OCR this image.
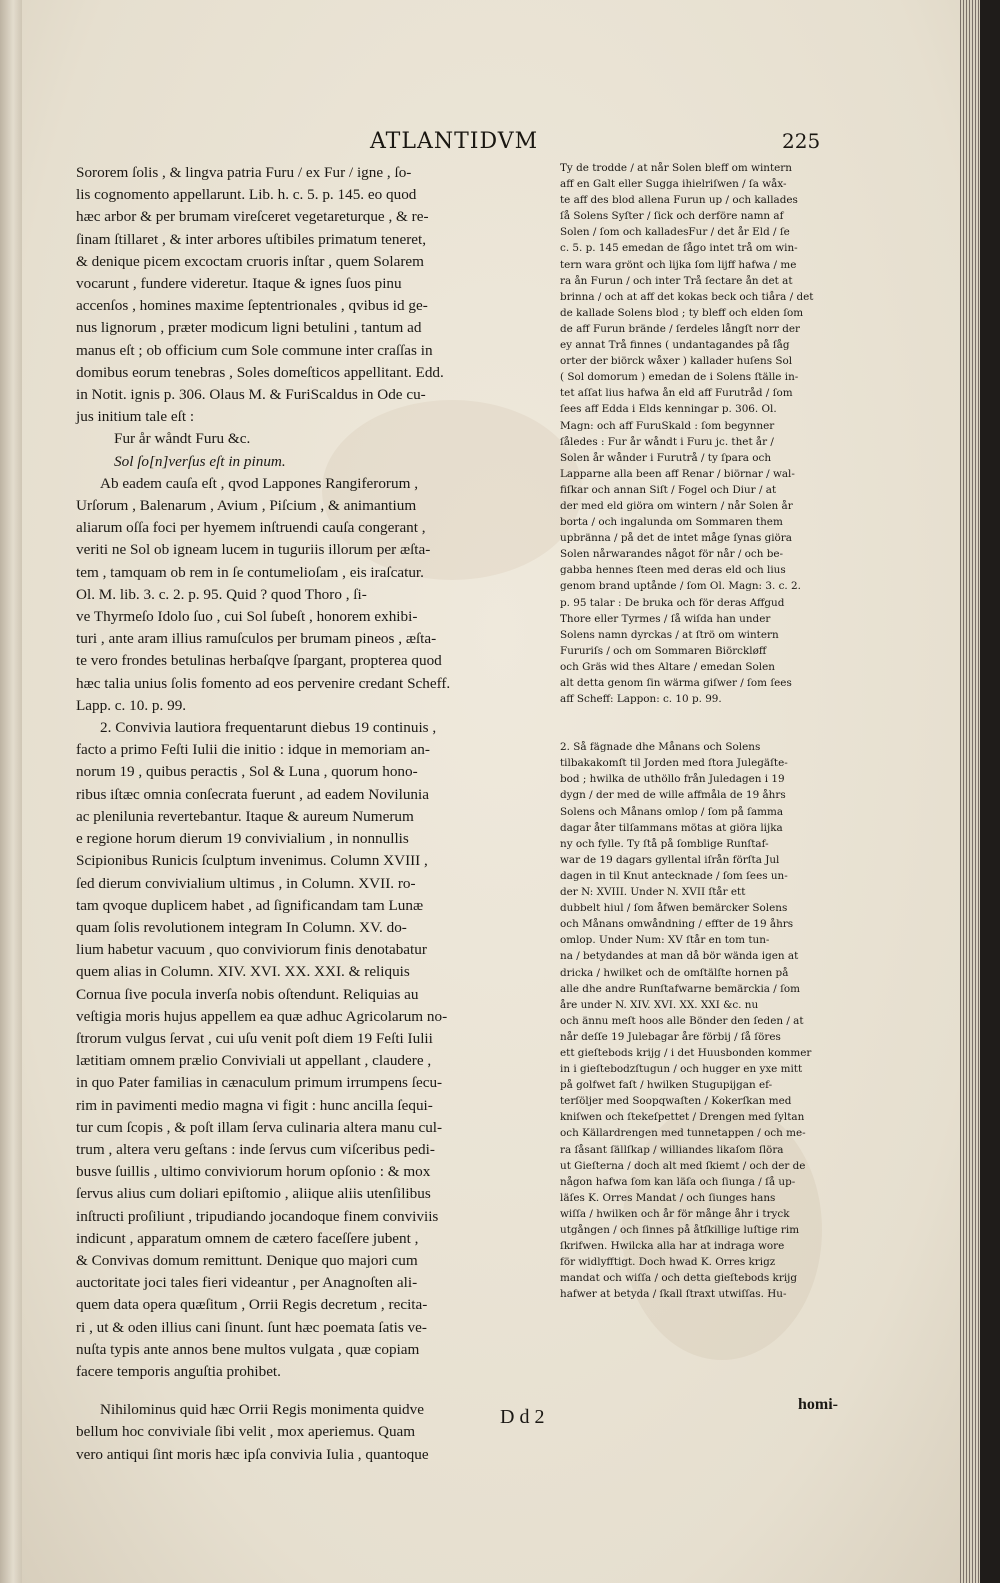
ATLANTIDVM	225

Sororem ſolis , & lingva patria Furu / ex Fur / igne , ſo-

lis cognomento appellarunt. Lib. h. c. 5. p. 145. eo quod

hæc arbor & per brumam vireſceret vegetareturque , & re-

ſinam ſtillaret , & inter arbores uſtibiles primatum teneret,

& denique picem excoctam cruoris inſtar , quem Solarem

vocarunt , fundere videretur. Itaque & ignes ſuos pinu

accenſos , homines maxime ſeptentrionales , qvibus id ge-

nus lignorum , præter modicum ligni betulini , tantum ad

manus eſt ; ob officium cum Sole commune inter craſſas in

domibus eorum tenebras , Soles domeſticos appellitant. Edd.

in Notit. ignis p. 306. Olaus M. & FuriScaldus in Ode cu-

jus initium tale eſt :

Fur år wåndt Furu &c.

Sol ſo[n]verſus eſt in pinum.

Ab eadem cauſa eſt , qvod Lappones Rangiferorum ,

Urſorum , Balenarum , Avium , Piſcium , & animantium

aliarum oſſa foci per hyemem inſtruendi cauſa congerant ,

veriti ne Sol ob igneam lucem in tuguriis illorum per æſta-

tem , tamquam ob rem in ſe contumelioſam , eis iraſcatur.

Ol. M. lib. 3. c. 2. p. 95. Quid ? quod Thoro , ſi-

ve Thyrmeſo Idolo ſuo , cui Sol ſubeſt , honorem exhibi-

turi , ante aram illius ramuſculos per brumam pineos , æſta-

te vero frondes betulinas herbaſqve ſpargant, propterea quod

hæc talia unius ſolis fomento ad eos pervenire credant Scheff.

Lapp. c. 10. p. 99.

2. Convivia lautiora frequentarunt diebus 19 continuis ,

facto a primo Feſti Iulii die initio : idque in memoriam an-

norum 19 , quibus peractis , Sol & Luna , quorum hono-

ribus iſtæc omnia conſecrata fuerunt , ad eadem Novilunia

ac plenilunia revertebantur. Itaque & aureum Numerum

e regione horum dierum 19 convivialium , in nonnullis

Scipionibus Runicis ſculptum invenimus. Column XVIII ,

ſed dierum convivialium ultimus , in Column. XVII. ro-

tam qvoque duplicem habet , ad ſignificandam tam Lunæ

quam ſolis revolutionem integram In Column. XV. do-

lium habetur vacuum , quo conviviorum finis denotabatur

quem alias in Column. XIV. XVI. XX. XXI. & reliquis

Cornua ſive pocula inverſa nobis oſtendunt. Reliquias au

veſtigia moris hujus appellem ea quæ adhuc Agricolarum no-

ſtrorum vulgus ſervat , cui uſu venit poſt diem 19 Feſti Iulii

lætitiam omnem prælio Conviviali ut appellant , claudere ,

in quo Pater familias in cænaculum primum irrumpens ſecu-

rim in pavimenti medio magna vi figit : hunc ancilla ſequi-

tur cum ſcopis , & poſt illam ſerva culinaria altera manu cul-

trum , altera veru geſtans : inde ſervus cum viſceribus pedi-

busve ſuillis , ultimo conviviorum horum opſonio : & mox

ſervus alius cum doliari epiſtomio , aliique aliis utenſilibus

inſtructi proſiliunt , tripudiando jocandoque finem conviviis

indicunt , apparatum omnem de cætero faceſſere jubent ,

& Convivas domum remittunt. Denique quo majori cum

auctoritate joci tales fieri videantur , per Anagnoſten ali-

quem data opera quæſitum , Orrii Regis decretum , recita-

ri , ut & oden illius cani ſinunt. ſunt hæc poemata ſatis ve-

nuſta typis ante annos bene multos vulgata , quæ copiam

facere temporis anguſtia prohibet.

Nihilominus quid hæc Orrii Regis monimenta quidve

bellum hoc conviviale ſibi velit , mox aperiemus. Quam

vero antiqui ſint moris hæc ipſa convivia Iulia , quantoque

Ty de trodde / at når Solen bleff om wintern

aff en Galt eller Sugga ihielriſwen / ſa wåx-

te aff des blod allena Furun up / och kallades

ſå Solens Syſter / ſick och derföre namn af

Solen / ſom och kalladesFur / det år Eld / ſe

c. 5. p. 145 emedan de ſågo intet trå om win-

tern wara grönt och lijka ſom lijff hafwa / me

ra ån Furun / och inter Trå ſectare ån det at

brinna / och at aff det kokas beck och tiåra / det

de kallade Solens blod ; ty bleff och elden ſom

de aff Furun brände / ſerdeles långſt norr der

ey annat Trå finnes ( undantagandes på ſåg

orter der biörck wåxer ) kallader huſens Sol

( Sol domorum ) emedan de i Solens ſtälle in-

tet aſſat lius hafwa ån eld aff Furutråd / ſom

ſees aff Edda i Elds kenningar p. 306. Ol.

Magn: och aff FuruSkald : ſom begynner

ſåledes : Fur år wåndt i Furu jc. thet år /

Solen år wånder i Furutrå / ty ſpara och

Lapparne alla been aff Renar / biörnar / wal-

fiſkar och annan Siſt / Fogel och Diur / at

der med eld giöra om wintern / når Solen år

borta / och ingalunda om Sommaren them

upbränna / på det de intet måge ſynas giöra

Solen nårwarandes något för når / och be-

gabba hennes ſteen med deras eld och lius

genom brand uptånde / ſom Ol. Magn: 3. c. 2.

p. 95 talar : De bruka och för deras Affgud

Thore eller Tyrmes / ſå wiſda han under

Solens namn dyrckas / at ſtrö om wintern

Fururiſs / och om Sommaren Biörckløff

och Gräs wid thes Altare / emedan Solen

alt detta genom ſin wärma giſwer / ſom ſees

aff Scheff: Lappon: c. 10 p. 99.

2. Så fägnade dhe Månans och Solens

tilbakakomſt til Jorden med ſtora Julegäſte-

bod ; hwilka de uthöllo från Juledagen i 19

dygn / der med de wille affmåla de 19 åhrs

Solens och Månans omlop / ſom på ſamma

dagar åter tilſammans mötas at giöra lijka

ny och fylle. Ty ſtå på ſomblige Runſtaf-

war de 19 dagars gyllental iſrån förſta Jul

dagen in til Knut antecknade / ſom ſees un-

der N: XVIII. Under N. XVII ſtår ett

dubbelt hiul / ſom åfwen bemärcker Solens

och Månans omwåndning / effter de 19 åhrs

omlop. Under Num: XV ſtår en tom tun-

na / betydandes at man då bör wända igen at

dricka / hwilket och de omſtälſte hornen på

alle dhe andre Runſtafwarne bemärckia / ſom

åre under N. XIV. XVI. XX. XXI &c. nu

och ännu meſt hoos alle Bönder den ſeden / at

når deſſe 19 Julebagar åre förbij / ſå ſöres

ett gieſtebods krijg / i det Huusbonden kommer

in i gieſtebodzſtugun / och hugger en yxe mitt

på golfwet faſt / hwilken Stugupijgan ef-

terſöljer med Soopqwaſten / Kokerſkan med

kniſwen och ſtekeſpettet / Drengen med ſyltan

och Källardrengen med tunnetappen / och me-

ra ſåsant ſällſkap / williandes likaſom ſlöra

ut Gieſterna / doch alt med ſkiemt / och der de

någon hafwa ſom kan läſa och ſiunga / ſå up-

läſes K. Orres Mandat / och ſiunges hans

wiſſa / hwilken och år för månge åhr i tryck

utgången / och ſinnes på åtſkillige luſtige rim

ſkrifwen. Hwilcka alla har at indraga wore

för widlyfftigt. Doch hwad K. Orres krigz

mandat och wiſſa / och detta gieſtebods krijg

hafwer at betyda / ſkall ſtraxt utwiſſas. Hu-

D d 2
homi-
